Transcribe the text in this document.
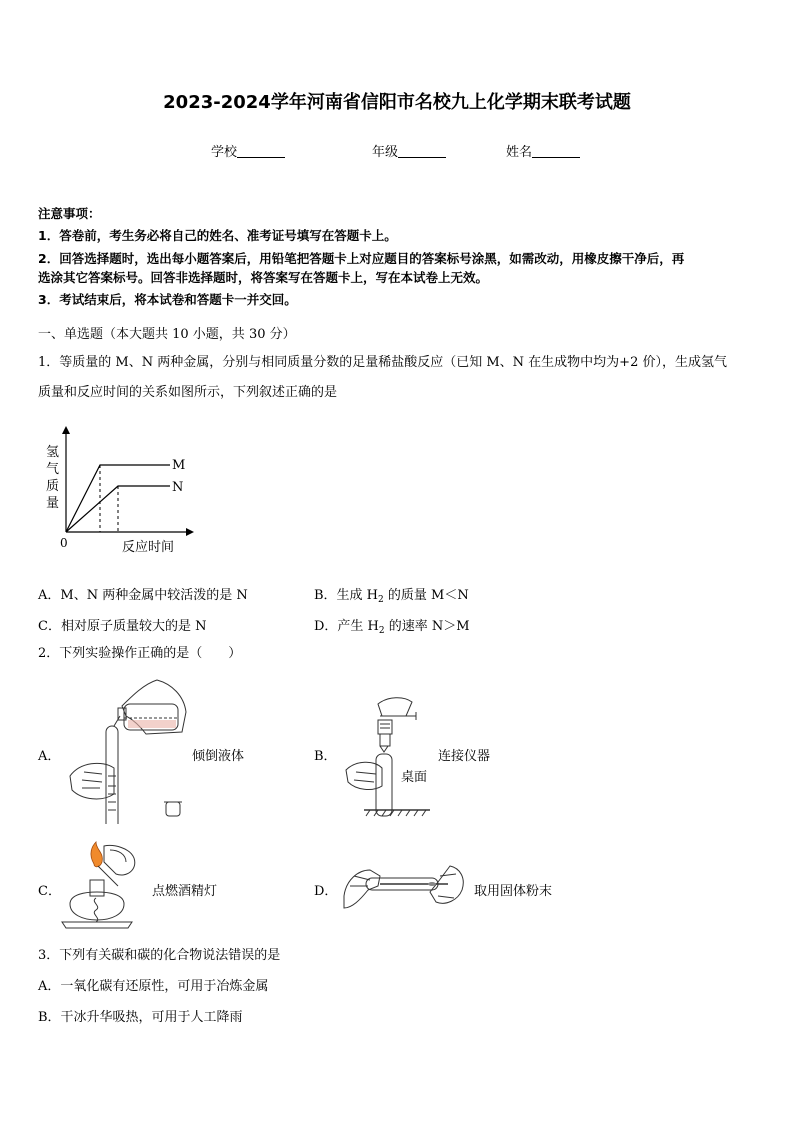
2023-2024学年河南省信阳市名校九上化学期末联考试题
学校	年级	姓名
注意事项：
1．答卷前，考生务必将自己的姓名、准考证号填写在答题卡上。
2．回答选择题时，选出每小题答案后，用铅笔把答题卡上对应题目的答案标号涂黑，如需改动，用橡皮擦干净后，再
选涂其它答案标号。回答非选择题时，将答案写在答题卡上，写在本试卷上无效。
3．考试结束后，将本试卷和答题卡一并交回。
一、单选题（本大题共 10 小题，共 30 分）
1．等质量的 M、N 两种金属，分别与相同质量分数的足量稀盐酸反应（已知 M、N 在生成物中均为+2 价），生成氢气
质量和反应时间的关系如图所示，下列叙述正确的是
氢
气
质
量
M
N
0	反应时间
A．M、N 两种金属中较活泼的是 N	B．生成 $H_2$ 的质量 M＜N
C．相对原子质量较大的是 N	D．产生 $H_2$ 的速率 N＞M
2．下列实验操作正确的是（　　）
A．	倾倒液体	B．	连接仪器
桌面
C．	点燃酒精灯	D．	取用固体粉末
3．下列有关碳和碳的化合物说法错误的是
A．一氧化碳有还原性，可用于冶炼金属
B．干冰升华吸热，可用于人工降雨
